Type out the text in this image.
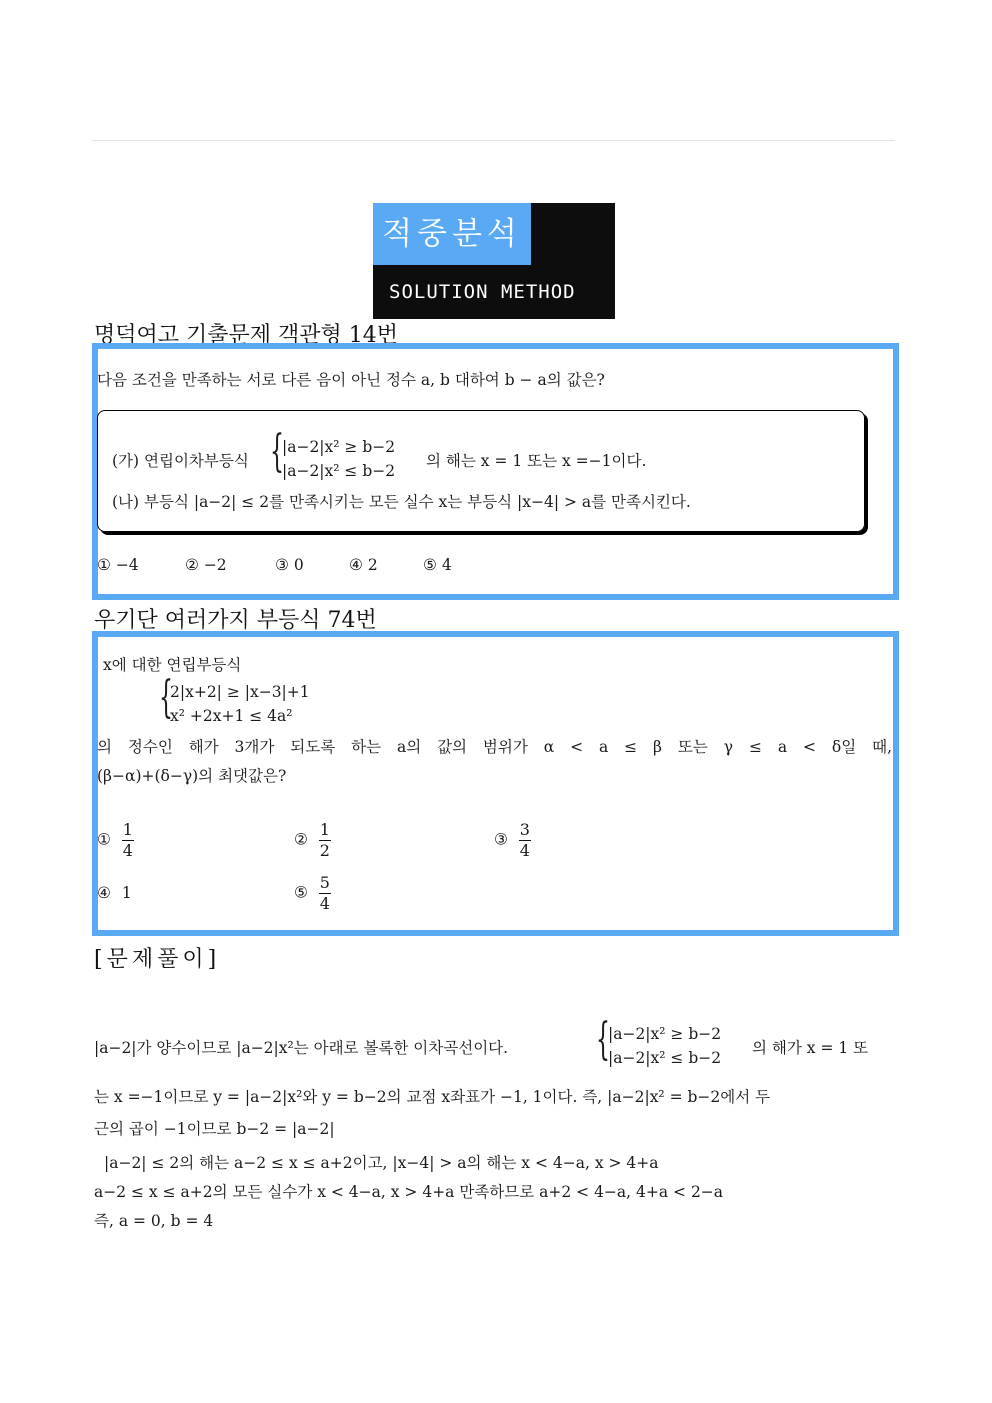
적중분석
SOLUTION METHOD
명덕여고 기출문제 객관형 14번
다음 조건을 만족하는 서로 다른 음이 아닌 정수 a, b 대하여 b − a의 값은?
(가) 연립이차부등식 {
|a−2|x² ≥ b−2
|a−2|x² ≤ b−2
의 해는 x = 1 또는 x =−1이다.
(나) 부등식 |a−2| ≤ 2를 만족시키는 모든 실수 x는 부등식 |x−4| > a를 만족시킨다.
① −4	② −2	③ 0	④ 2	⑤ 4
우기단 여러가지 부등식 74번
x에 대한 연립부등식
{
2|x+2| ≥ |x−3|+1
x² +2x+1 ≤ 4a²
의 정수인 해가 3개가 되도록 하는 a의 값의 범위가 α < a ≤ β 또는 γ ≤ a < δ일 때,
(β−α)+(δ−γ)의 최댓값은?
① $\frac{1}{4}$	② $\frac{1}{2}$	③ $\frac{3}{4}$
④ 1	⑤ $\frac{5}{4}$
[문제풀이]
|a−2|가 양수이므로 |a−2|x²는 아래로 볼록한 이차곡선이다. {
|a−2|x² ≥ b−2
|a−2|x² ≤ b−2
의 해가 x = 1 또
는 x =−1이므로 y = |a−2|x²와 y = b−2의 교점 x좌표가 −1, 1이다. 즉, |a−2|x² = b−2에서 두
근의 곱이 −1이므로 b−2 = |a−2|
|a−2| ≤ 2의 해는 a−2 ≤ x ≤ a+2이고, |x−4| > a의 해는 x < 4−a, x > 4+a
a−2 ≤ x ≤ a+2의 모든 실수가 x < 4−a, x > 4+a 만족하므로 a+2 < 4−a, 4+a < 2−a
즉, a = 0, b = 4
